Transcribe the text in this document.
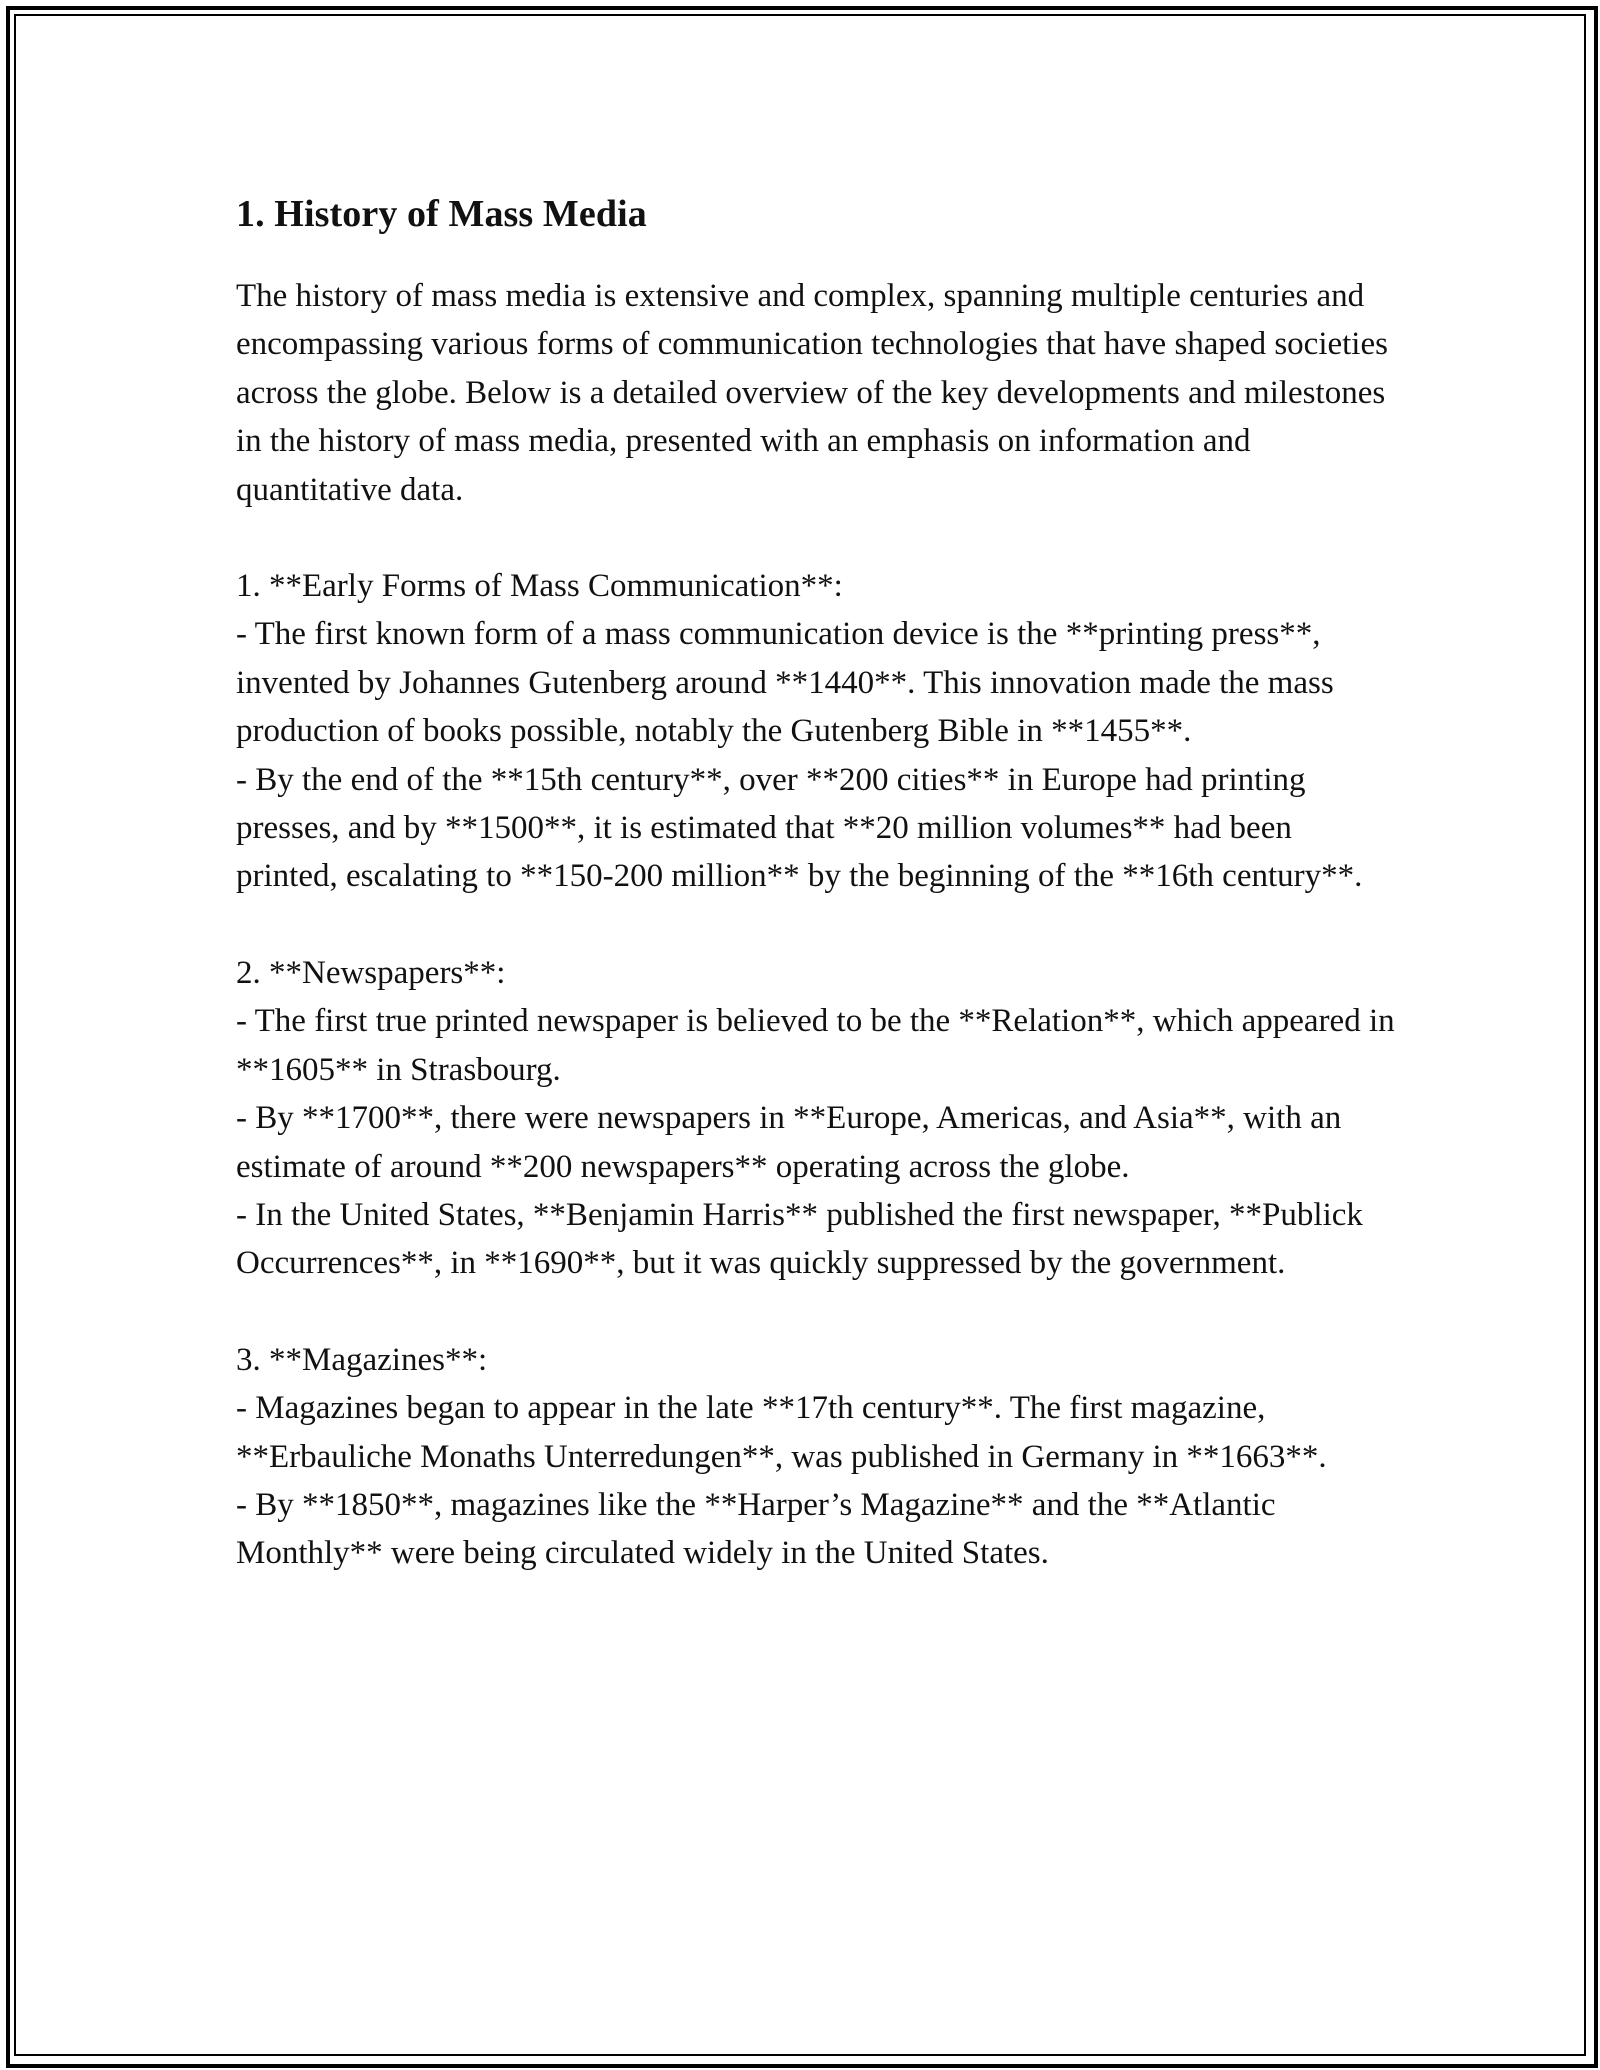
1. History of Mass Media

The history of mass media is extensive and complex, spanning multiple centuries and encompassing various forms of communication technologies that have shaped societies across the globe. Below is a detailed overview of the key developments and milestones in the history of mass media, presented with an emphasis on information and quantitative data.

1. **Early Forms of Mass Communication**:
- The first known form of a mass communication device is the **printing press**, invented by Johannes Gutenberg around **1440**. This innovation made the mass production of books possible, notably the Gutenberg Bible in **1455**.
- By the end of the **15th century**, over **200 cities** in Europe had printing presses, and by **1500**, it is estimated that **20 million volumes** had been printed, escalating to **150-200 million** by the beginning of the **16th century**.

2. **Newspapers**:
- The first true printed newspaper is believed to be the **Relation**, which appeared in **1605** in Strasbourg.
- By **1700**, there were newspapers in **Europe, Americas, and Asia**, with an estimate of around **200 newspapers** operating across the globe.
- In the United States, **Benjamin Harris** published the first newspaper, **Publick Occurrences**, in **1690**, but it was quickly suppressed by the government.

3. **Magazines**:
- Magazines began to appear in the late **17th century**. The first magazine, **Erbauliche Monaths Unterredungen**, was published in Germany in **1663**.
- By **1850**, magazines like the **Harper’s Magazine** and the **Atlantic Monthly** were being circulated widely in the United States.
